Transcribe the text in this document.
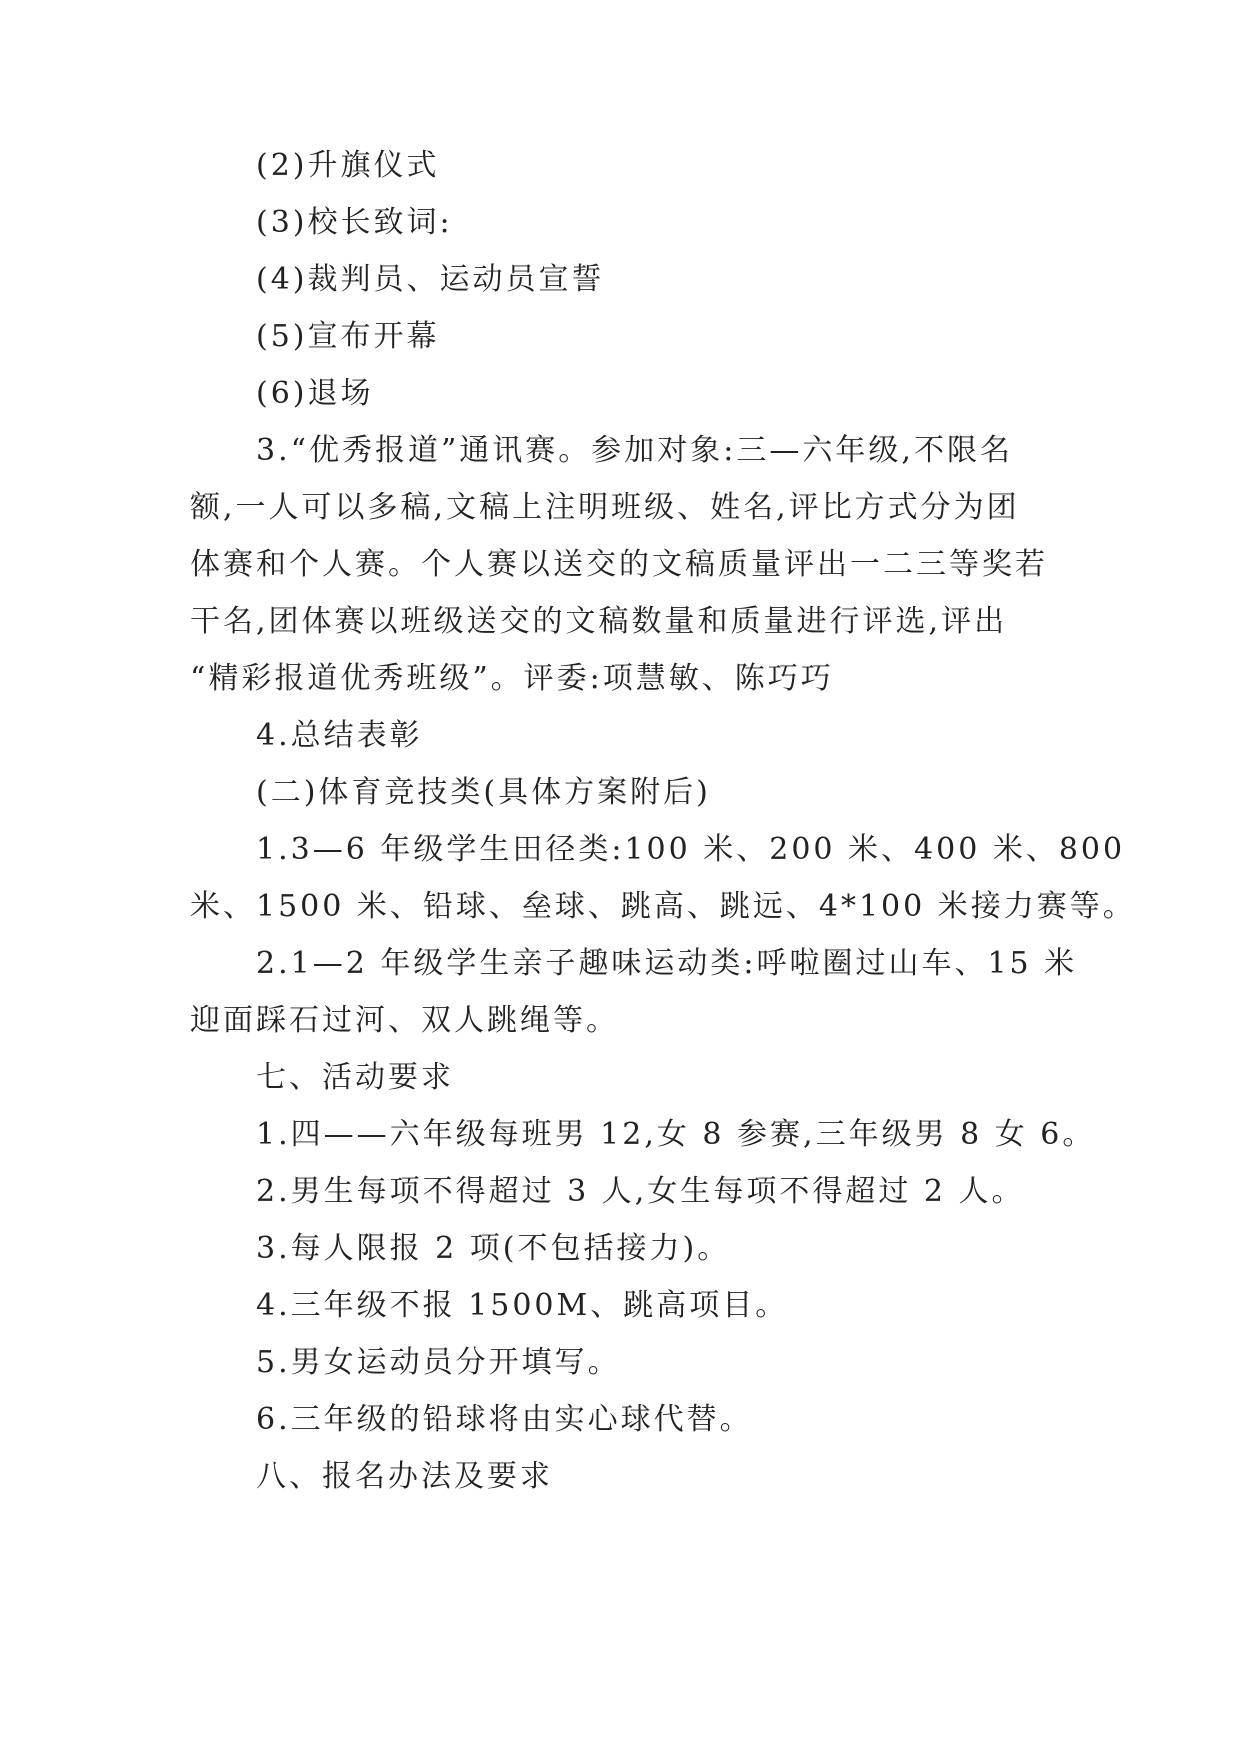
(2)升旗仪式
(3)校长致词:
(4)裁判员、运动员宣誓
(5)宣布开幕
(6)退场
3.“优秀报道”通讯赛。参加对象:三—六年级,不限名
额,一人可以多稿,文稿上注明班级、姓名,评比方式分为团
体赛和个人赛。个人赛以送交的文稿质量评出一二三等奖若
干名,团体赛以班级送交的文稿数量和质量进行评选,评出
“精彩报道优秀班级”。评委:项慧敏、陈巧巧
4.总结表彰
(二)体育竞技类(具体方案附后)
1.3—6 年级学生田径类:100 米、200 米、400 米、800
米、1500 米、铅球、垒球、跳高、跳远、4*100 米接力赛等。
2.1—2 年级学生亲子趣味运动类:呼啦圈过山车、15 米
迎面踩石过河、双人跳绳等。
七、活动要求
1.四——六年级每班男 12,女 8 参赛,三年级男 8 女 6。
2.男生每项不得超过 3 人,女生每项不得超过 2 人。
3.每人限报 2 项(不包括接力)。
4.三年级不报 1500M、跳高项目。
5.男女运动员分开填写。
6.三年级的铅球将由实心球代替。
八、报名办法及要求
